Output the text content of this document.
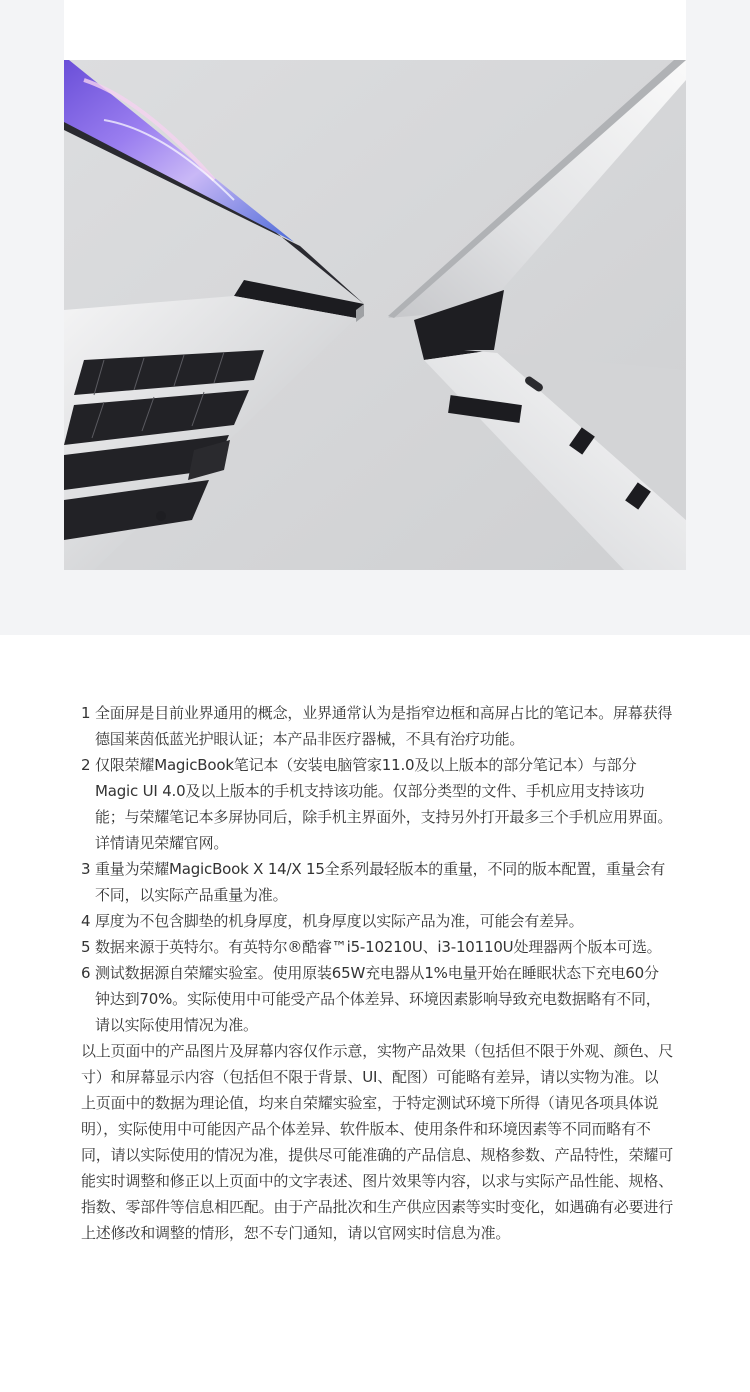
1 全面屏是目前业界通用的概念，业界通常认为是指窄边框和高屏占比的笔记本。屏幕获得德国莱茵低蓝光护眼认证；本产品非医疗器械，不具有治疗功能。

2 仅限荣耀MagicBook笔记本（安装电脑管家11.0及以上版本的部分笔记本）与部分Magic UI 4.0及以上版本的手机支持该功能。仅部分类型的文件、手机应用支持该功能；与荣耀笔记本多屏协同后，除手机主界面外，支持另外打开最多三个手机应用界面。详情请见荣耀官网。

3 重量为荣耀MagicBook X 14/X 15全系列最轻版本的重量，不同的版本配置，重量会有不同，以实际产品重量为准。

4 厚度为不包含脚垫的机身厚度，机身厚度以实际产品为准，可能会有差异。

5 数据来源于英特尔。有英特尔®酷睿™i5-10210U、i3-10110U处理器两个版本可选。

6 测试数据源自荣耀实验室。使用原装65W充电器从1%电量开始在睡眠状态下充电60分钟达到70%。实际使用中可能受产品个体差异、环境因素影响导致充电数据略有不同，请以实际使用情况为准。

以上页面中的产品图片及屏幕内容仅作示意，实物产品效果（包括但不限于外观、颜色、尺寸）和屏幕显示内容（包括但不限于背景、UI、配图）可能略有差异，请以实物为准。以上页面中的数据为理论值，均来自荣耀实验室，于特定测试环境下所得（请见各项具体说明），实际使用中可能因产品个体差异、软件版本、使用条件和环境因素等不同而略有不同，请以实际使用的情况为准，提供尽可能准确的产品信息、规格参数、产品特性，荣耀可能实时调整和修正以上页面中的文字表述、图片效果等内容，以求与实际产品性能、规格、指数、零部件等信息相匹配。由于产品批次和生产供应因素等实时变化，如遇确有必要进行上述修改和调整的情形，恕不专门通知，请以官网实时信息为准。
